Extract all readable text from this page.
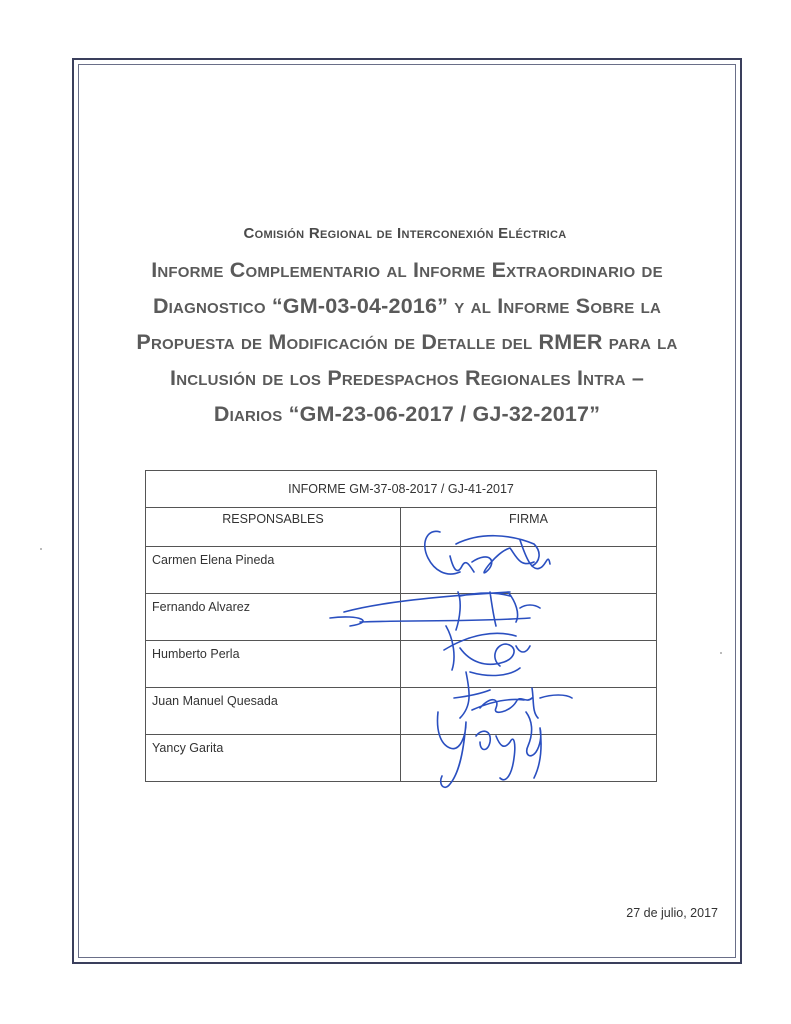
Comisión Regional de Interconexión Eléctrica
Informe Complementario al Informe Extraordinario de
Diagnostico “GM-03-04-2016” y al Informe Sobre la
Propuesta de Modificación de Detalle del RMER para la
Inclusión de los Predespachos Regionales Intra –
Diarios “GM-23-06-2017 / GJ-32-2017”
INFORME GM-37-08-2017 / GJ-41-2017	
RESPONSABLES	FIRMA
Carmen Elena Pineda	
Fernando Alvarez	
Humberto Perla	
Juan Manuel Quesada	
Yancy Garita	
27 de julio, 2017
